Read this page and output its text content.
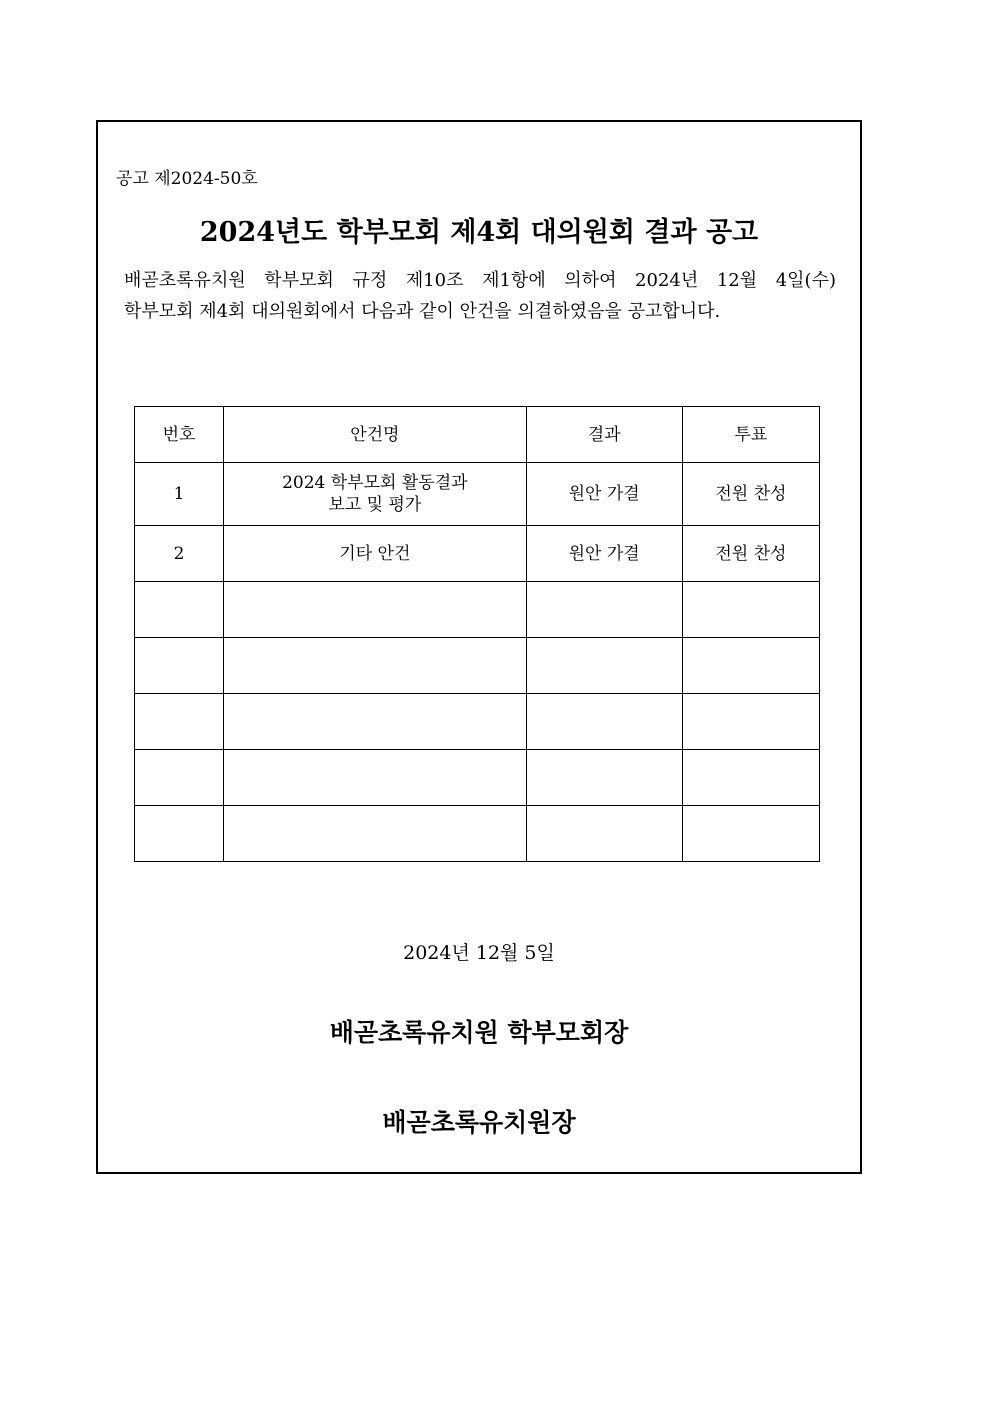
공고 제2024-50호
2024년도 학부모회 제4회 대의원회 결과 공고
배곧초록유치원 학부모회 규정 제10조 제1항에 의하여 2024년 12월 4일(수)
학부모회 제4회 대의원회에서 다음과 같이 안건을 의결하였음을 공고합니다.
번호	안건명	결과	투표
1	2024 학부모회 활동결과
보고 및 평가	원안 가결	전원 찬성
2	기타 안건	원안 가결	전원 찬성

2024년 12월 5일
배곧초록유치원 학부모회장
배곧초록유치원장
